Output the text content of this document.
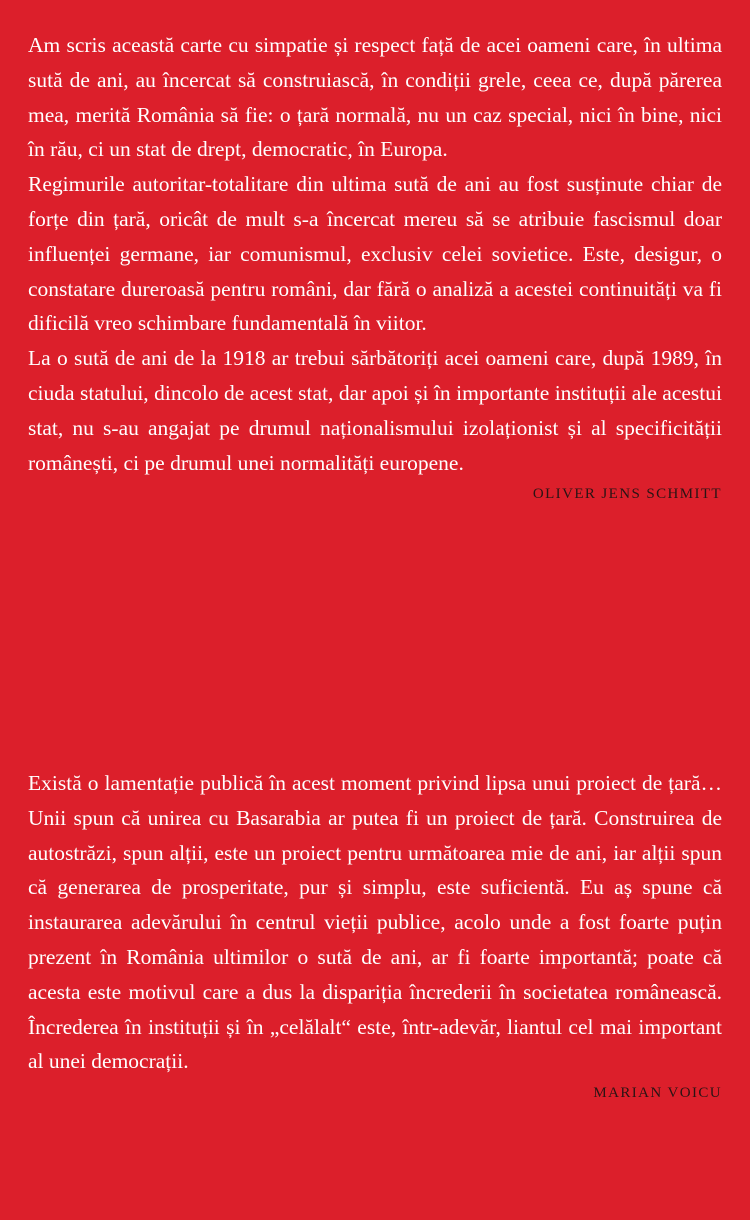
Am scris această carte cu simpatie și respect față de acei oameni care, în ultima sută de ani, au încercat să construiască, în condiții grele, ceea ce, după părerea mea, merită România să fie: o țară normală, nu un caz special, nici în bine, nici în rău, ci un stat de drept, democratic, în Europa.

Regimurile autoritar-totalitare din ultima sută de ani au fost susținute chiar de forțe din țară, oricât de mult s-a încercat mereu să se atribuie fascismul doar influenței germane, iar comunismul, exclusiv celei sovietice. Este, desigur, o constatare dureroasă pentru români, dar fără o analiză a acestei continuități va fi dificilă vreo schimbare fundamentală în viitor.

La o sută de ani de la 1918 ar trebui sărbătoriți acei oameni care, după 1989, în ciuda statului, dincolo de acest stat, dar apoi și în importante instituții ale acestui stat, nu s-au angajat pe drumul naționalismului izolaționist și al specificității românești, ci pe drumul unei normalități europene.

OLIVER JENS SCHMITT

Există o lamentație publică în acest moment privind lipsa unui proiect de țară… Unii spun că unirea cu Basarabia ar putea fi un proiect de țară. Construirea de autostrăzi, spun alții, este un proiect pentru următoarea mie de ani, iar alții spun că generarea de prosperitate, pur și simplu, este suficientă. Eu aș spune că instaurarea adevărului în centrul vieții publice, acolo unde a fost foarte puțin prezent în România ultimilor o sută de ani, ar fi foarte importantă; poate că acesta este motivul care a dus la dispariția încrederii în societatea românească. Încrederea în instituții și în „celălalt“ este, într-adevăr, liantul cel mai important al unei democrații.

MARIAN VOICU
